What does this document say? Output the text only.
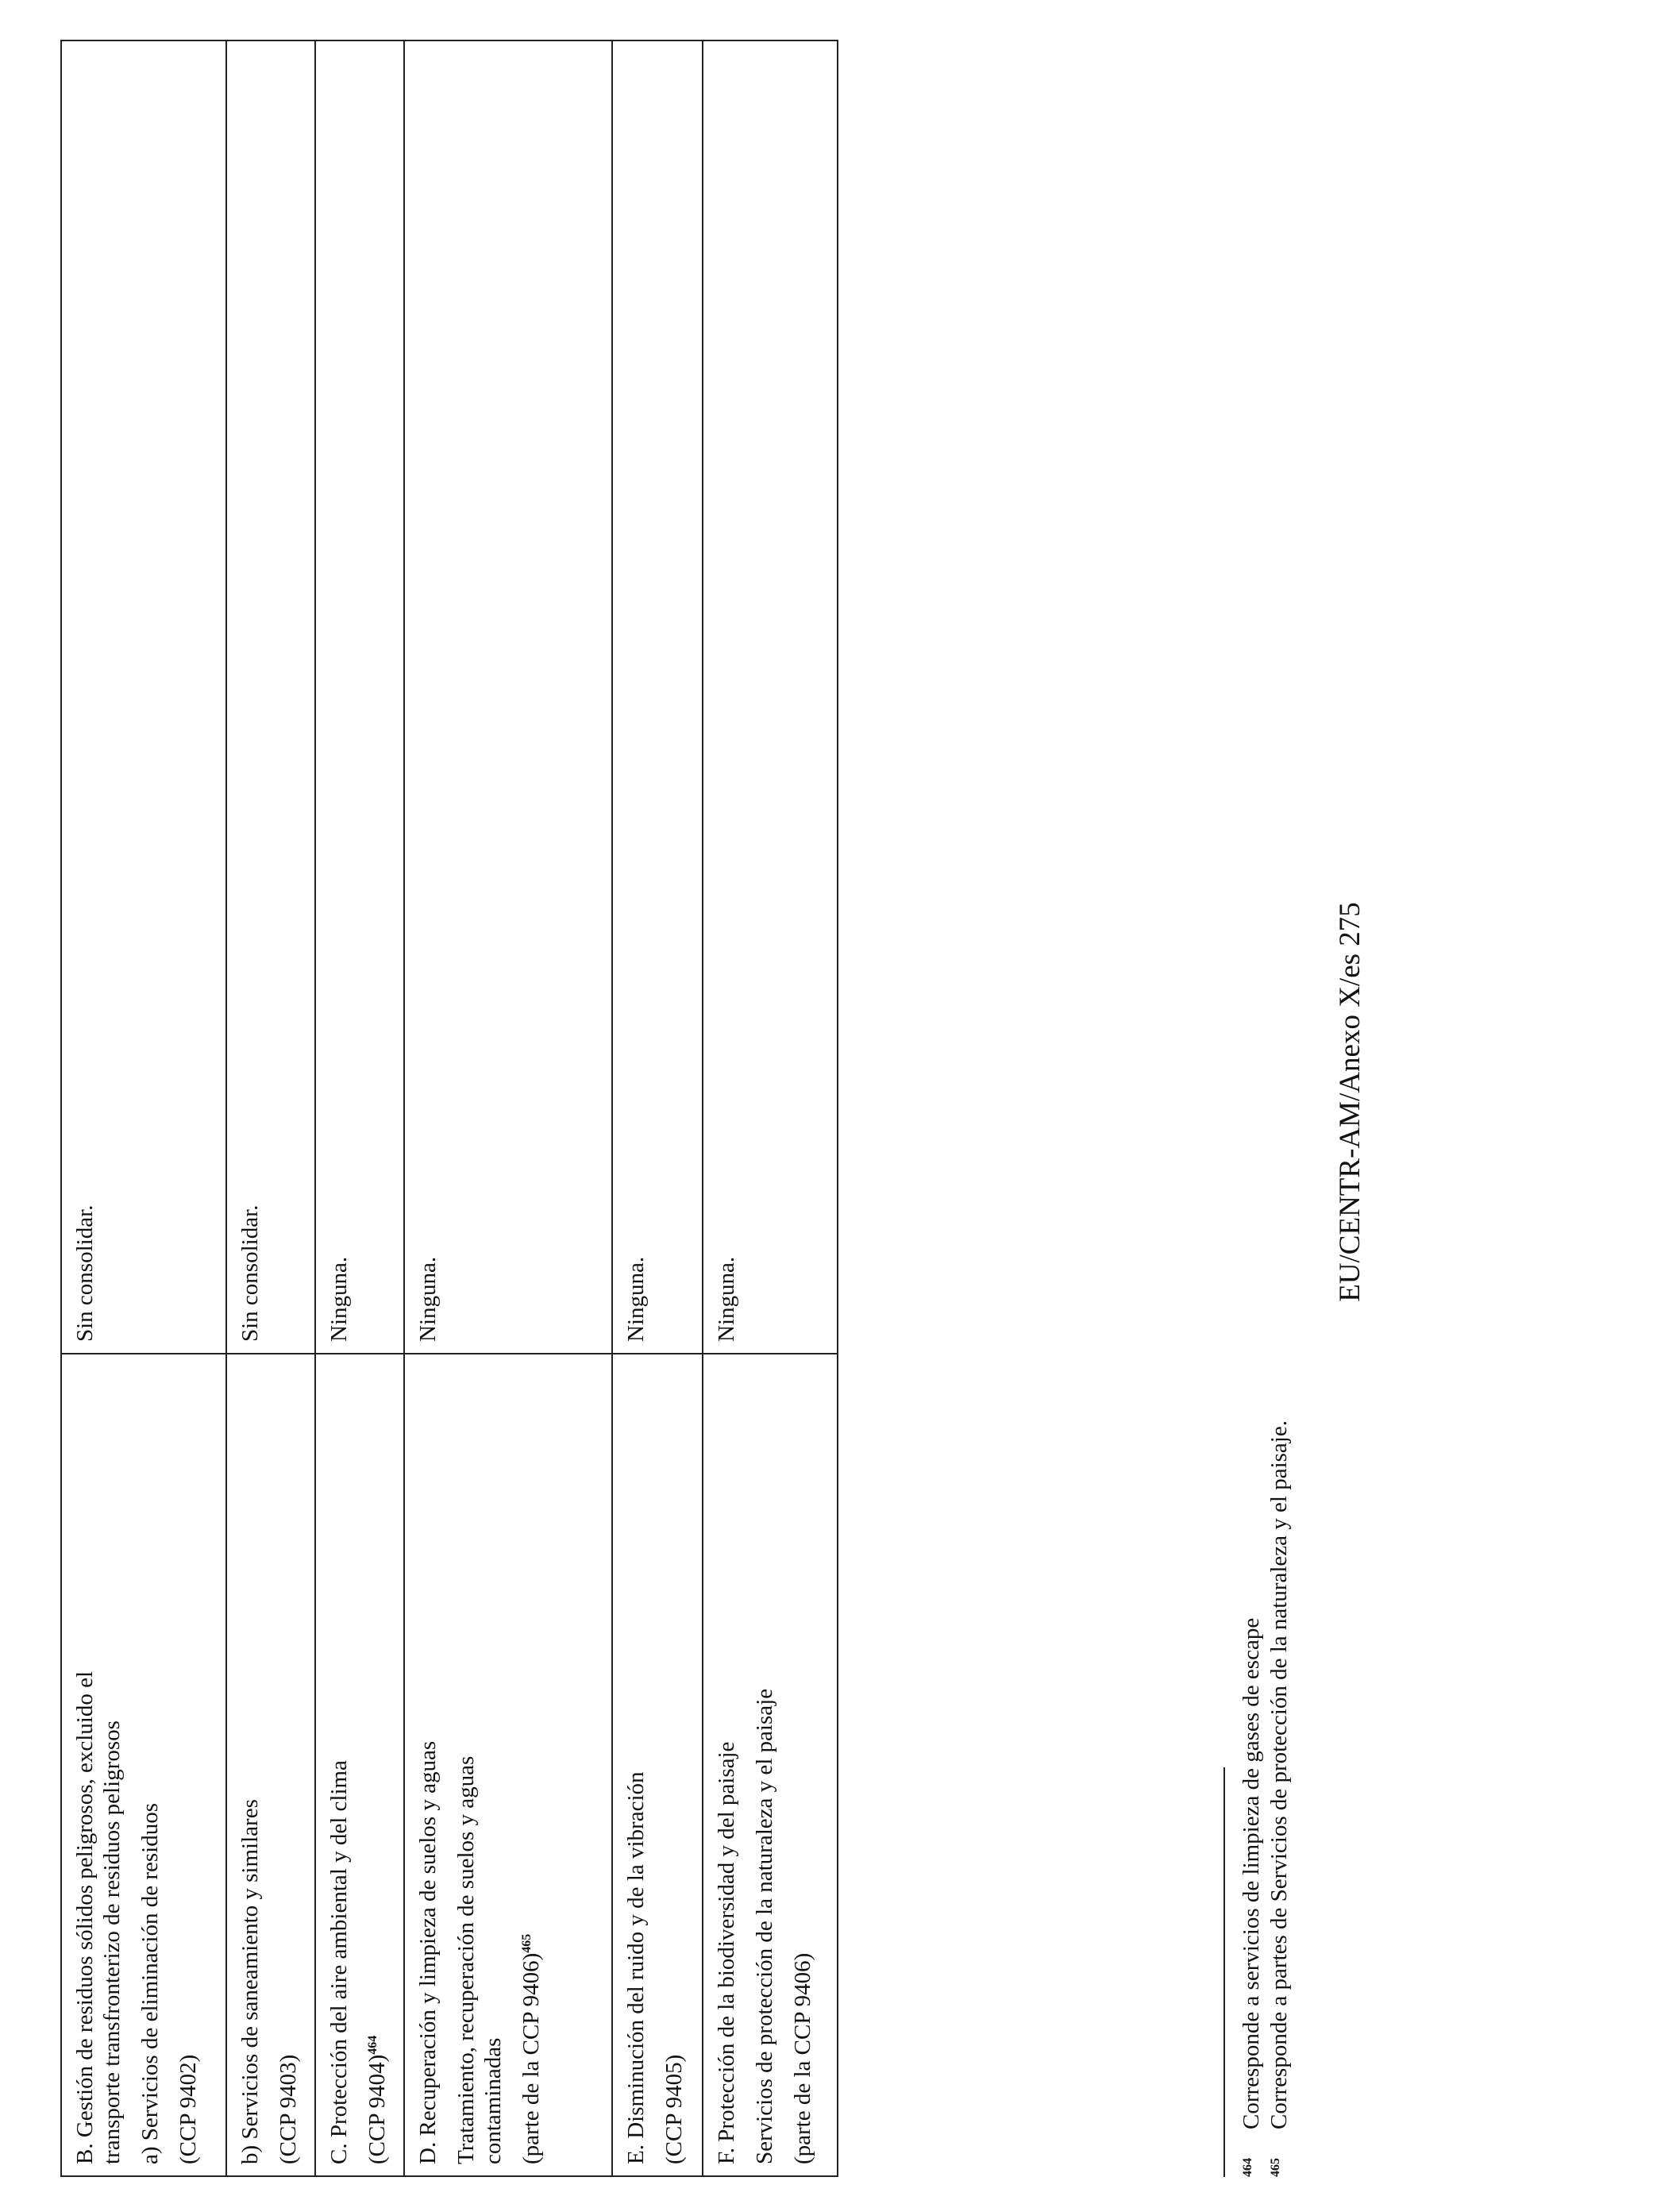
B. Gestión de residuos sólidos peligrosos, excluido el transporte transfronterizo de residuos peligrosos a) Servicios de eliminación de residuos (CCP 9402)	Sin consolidar.

b) Servicios de saneamiento y similares (CCP 9403)	Sin consolidar.

C. Protección del aire ambiental y del clima (CCP 9404)$^{464}$	Ninguna.

D. Recuperación y limpieza de suelos y aguas Tratamiento, recuperación de suelos y aguas contaminadas (parte de la CCP 9406)$^{465}$	Ninguna.

E. Disminución del ruido y de la vibración (CCP 9405)	Ninguna.

F. Protección de la biodiversidad y del paisaje Servicios de protección de la naturaleza y el paisaje (parte de la CCP 9406)	Ninguna.
464Corresponde a servicios de limpieza de gases de escape
465Corresponde a partes de Servicios de protección de la naturaleza y el paisaje.
EU/CENTR-AM/Anexo X/es 275
